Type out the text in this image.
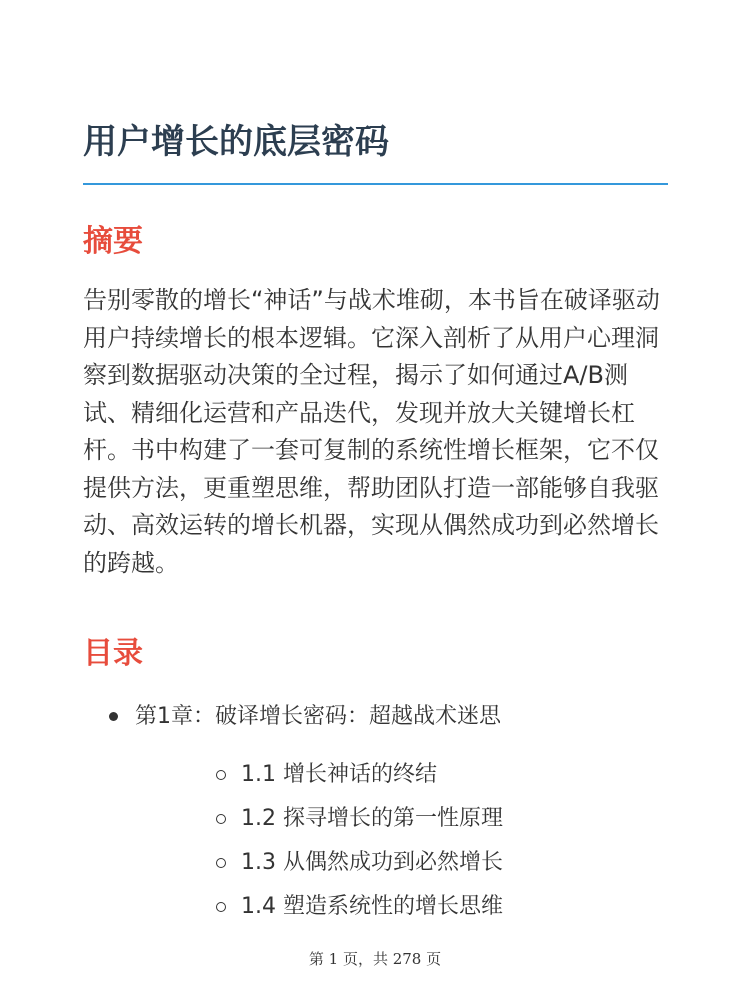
用户增长的底层密码
摘要

告别零散的增长“神话”与战术堆砌，本书旨在破译驱动用户持续增长的根本逻辑。它深入剖析了从用户心理洞察到数据驱动决策的全过程，揭示了如何通过A/B测试、精细化运营和产品迭代，发现并放大关键增长杠杆。书中构建了一套可复制的系统性增长框架，它不仅提供方法，更重塑思维，帮助团队打造一部能够自我驱动、高效运转的增长机器，实现从偶然成功到必然增长的跨越。

目录
第1章：破译增长密码：超越战术迷思
1.1 增长神话的终结
1.2 探寻增长的第一性原理
1.3 从偶然成功到必然增长
1.4 塑造系统性的增长思维
第 1 页，共 278 页
